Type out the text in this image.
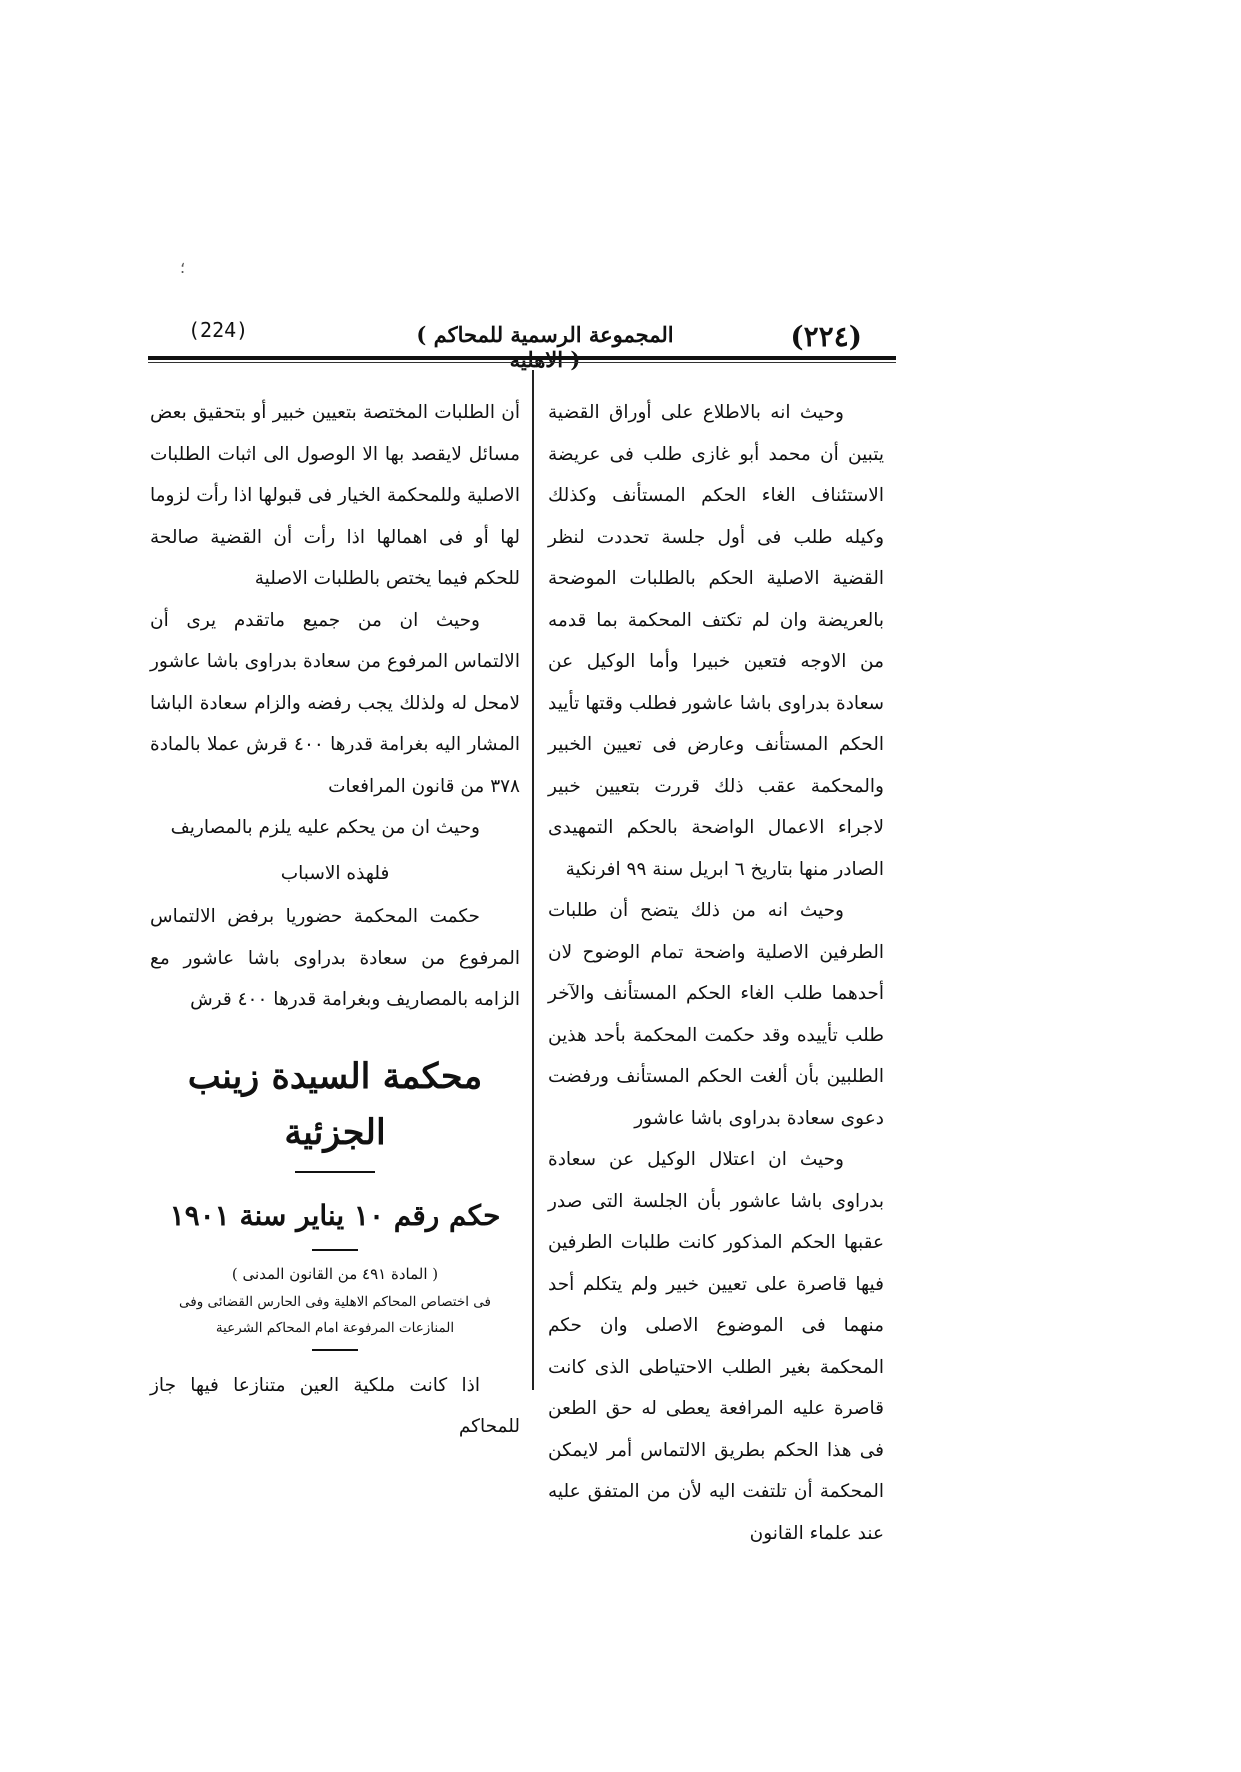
؛
(224)	( المجموعة الرسمية للمحاكم	(٢٢٤)

وحيث انه بالاطلاع على أوراق القضية يتبين أن محمد أبو غازى طلب فى عريضة الاستئناف الغاء الحكم المستأنف وكذلك وكيله طلب فى أول جلسة تحددت لنظر القضية الاصلية الحكم بالطلبات الموضحة بالعريضة وان لم تكتف المحكمة بما قدمه من الاوجه فتعين خبيرا وأما الوكيل عن سعادة بدراوى باشا عاشور فطلب وقتها تأييد الحكم المستأنف وعارض فى تعيين الخبير والمحكمة عقب ذلك قررت بتعيين خبير لاجراء الاعمال الواضحة بالحكم التمهيدى الصادر منها بتاريخ ٦ ابريل سنة ٩٩ افرنكية

وحيث انه من ذلك يتضح أن طلبات الطرفين الاصلية واضحة تمام الوضوح لان أحدهما طلب الغاء الحكم المستأنف والآخر طلب تأييده وقد حكمت المحكمة بأحد هذين الطلبين بأن ألغت الحكم المستأنف ورفضت دعوى سعادة بدراوى باشا عاشور

وحيث ان اعتلال الوكيل عن سعادة بدراوى باشا عاشور بأن الجلسة التى صدر عقبها الحكم المذكور كانت طلبات الطرفين فيها قاصرة على تعيين خبير ولم يتكلم أحد منهما فى الموضوع الاصلى وان حكم المحكمة بغير الطلب الاحتياطى الذى كانت قاصرة عليه المرافعة يعطى له حق الطعن فى هذا الحكم بطريق الالتماس أمر لايمكن المحكمة أن تلتفت اليه لأن من المتفق عليه عند علماء القانون

أن الطلبات المختصة بتعيين خبير أو بتحقيق بعض مسائل لايقصد بها الا الوصول الى اثبات الطلبات الاصلية وللمحكمة الخيار فى قبولها اذا رأت لزوما لها أو فى اهمالها اذا رأت أن القضية صالحة للحكم فيما يختص بالطلبات الاصلية

وحيث ان من جميع ماتقدم يرى أن الالتماس المرفوع من سعادة بدراوى باشا عاشور لامحل له ولذلك يجب رفضه والزام سعادة الباشا المشار اليه بغرامة قدرها ٤٠٠ قرش عملا بالمادة ٣٧٨ من قانون المرافعات

وحيث ان من يحكم عليه يلزم بالمصاريف

فلهذه الاسباب

حكمت المحكمة حضوريا برفض الالتماس المرفوع من سعادة بدراوى باشا عاشور مع الزامه بالمصاريف وبغرامة قدرها ٤٠٠ قرش

محكمة السيدة زينب الجزئية

حكم رقم ١٠ يناير سنة ١٩٠١

( المادة ٤٩١ من القانون المدنى )

فى اختصاص المحاكم الاهلية وفى الحارس القضائى وفى المنازعات المرفوعة امام المحاكم الشرعية

اذا كانت ملكية العين متنازعا فيها جاز للمحاكم
